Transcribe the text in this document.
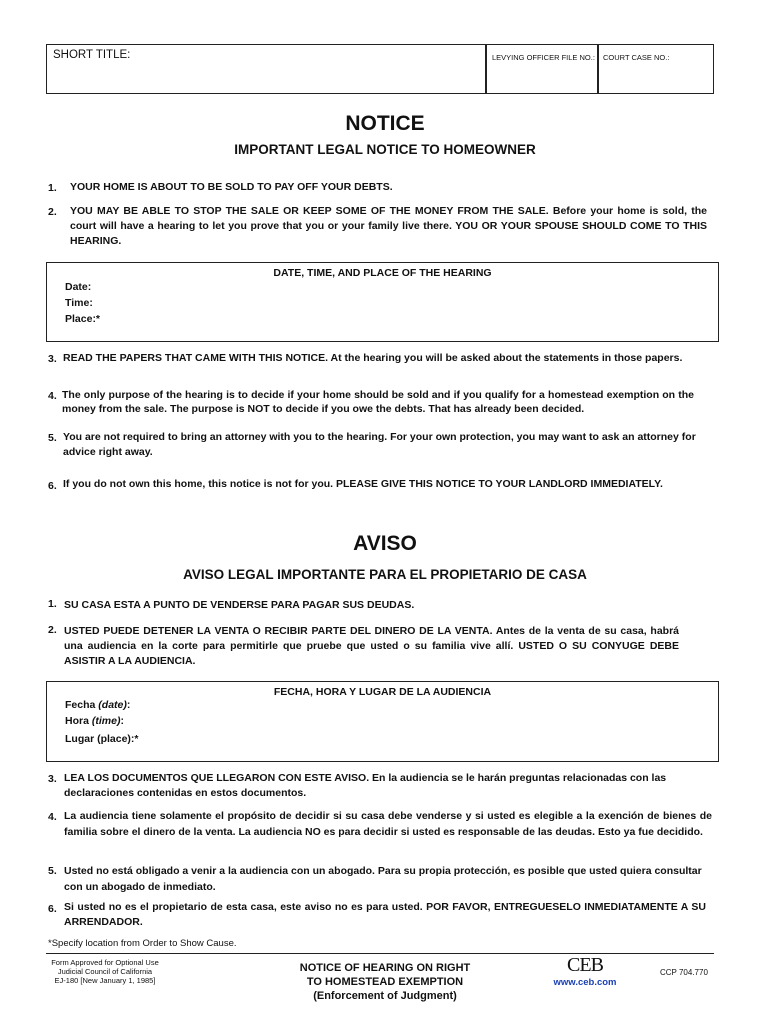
SHORT TITLE:	LEVYING OFFICER FILE NO.: COURT CASE NO.:
NOTICE
IMPORTANT LEGAL NOTICE TO HOMEOWNER
1. YOUR HOME IS ABOUT TO BE SOLD TO PAY OFF YOUR DEBTS.
2. YOU MAY BE ABLE TO STOP THE SALE OR KEEP SOME OF THE MONEY FROM THE SALE. Before your home is sold, the court will have a hearing to let you prove that you or your family live there. YOU OR YOUR SPOUSE SHOULD COME TO THIS HEARING.
DATE, TIME, AND PLACE OF THE HEARING
Date:
Time:
Place:*
3. READ THE PAPERS THAT CAME WITH THIS NOTICE. At the hearing you will be asked about the statements in those papers.
4. The only purpose of the hearing is to decide if your home should be sold and if you qualify for a homestead exemption on the money from the sale. The purpose is NOT to decide if you owe the debts. That has already been decided.
5. You are not required to bring an attorney with you to the hearing. For your own protection, you may want to ask an attorney for advice right away.
6. If you do not own this home, this notice is not for you. PLEASE GIVE THIS NOTICE TO YOUR LANDLORD IMMEDIATELY.
AVISO
AVISO LEGAL IMPORTANTE PARA EL PROPIETARIO DE CASA
1. SU CASA ESTA A PUNTO DE VENDERSE PARA PAGAR SUS DEUDAS.
2. USTED PUEDE DETENER LA VENTA O RECIBIR PARTE DEL DINERO DE LA VENTA. Antes de la venta de su casa, habrá una audiencia en la corte para permitirle que pruebe que usted o su familia vive allí. USTED O SU CONYUGE DEBE ASISTIR A LA AUDIENCIA.
FECHA, HORA Y LUGAR DE LA AUDIENCIA
Fecha (date):
Hora (time):
Lugar (place):*
3. LEA LOS DOCUMENTOS QUE LLEGARON CON ESTE AVISO. En la audiencia se le harán preguntas relacionadas con las declaraciones contenidas en estos documentos.
4. La audiencia tiene solamente el propósito de decidir si su casa debe venderse y si usted es elegible a la exención de bienes de familia sobre el dinero de la venta. La audiencia NO es para decidir si usted es responsable de las deudas. Esto ya fue decidido.
5. Usted no está obligado a venir a la audiencia con un abogado. Para su propia protección, es posible que usted quiera consultar con un abogado de inmediato.
6. Si usted no es el propietario de esta casa, este aviso no es para usted. POR FAVOR, ENTREGUESELO INMEDIATAMENTE A SU ARRENDADOR.
*Specify location from Order to Show Cause.
Form Approved for Optional Use
Judicial Council of California
EJ-180 [New January 1, 1985]
NOTICE OF HEARING ON RIGHT
TO HOMESTEAD EXEMPTION
(Enforcement of Judgment)
CEB
www.ceb.com
CCP 704.770
